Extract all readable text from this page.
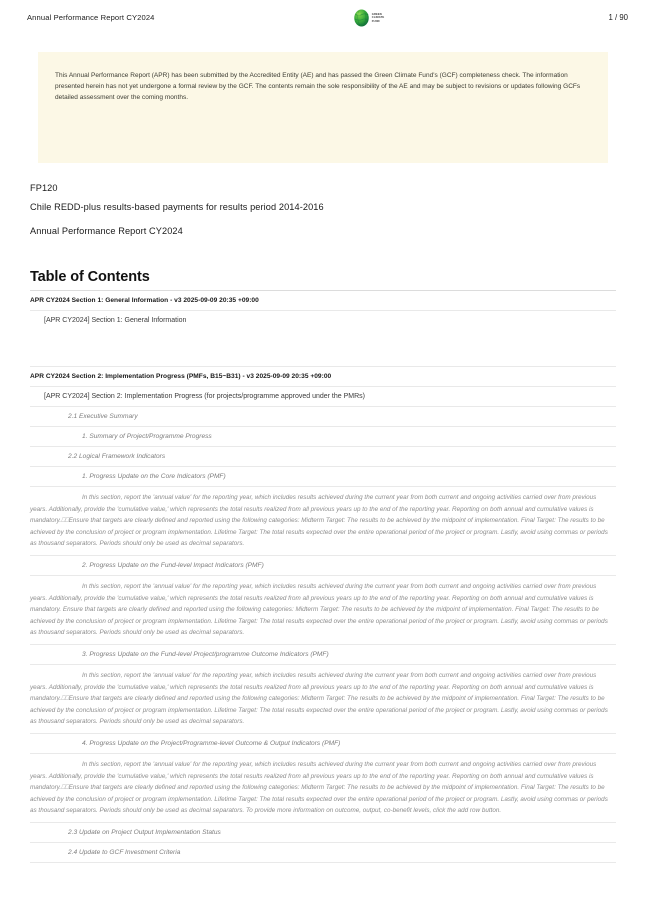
Annual Performance Report CY2024	GREEN
CLIMATE
FUND	1 / 90

This Annual Performance Report (APR) has been submitted by the Accredited Entity (AE) and has passed the Green Climate Fund's (GCF) completeness check. The information presented herein has not yet undergone a formal review by the GCF. The contents remain the sole responsibility of the AE and may be subject to revisions or updates following GCFs detailed assessment over the coming months.

FP120
Chile REDD-plus results-based payments for results period 2014-2016
Annual Performance Report CY2024
Table of Contents
APR CY2024 Section 1: General Information - v3 2025-09-09 20:35 +09:00
[APR CY2024] Section 1: General Information
APR CY2024 Section 2: Implementation Progress (PMFs, B15~B31) - v3 2025-09-09 20:35 +09:00
[APR CY2024] Section 2: Implementation Progress (for projects/programme approved under the PMRs)
2.1 Executive Summary
1. Summary of Project/Programme Progress
2.2 Logical Framework Indicators
1. Progress Update on the Core Indicators (PMF)
In this section, report the 'annual value' for the reporting year, which includes results achieved during the current year from both current and ongoing activities carried over from previous years. Additionally, provide the 'cumulative value,' which represents the total results realized from all previous years up to the end of the reporting year. Reporting on both annual and cumulative values is mandatory.⎕⎕Ensure that targets are clearly defined and reported using the following categories: Midterm Target: The results to be achieved by the midpoint of implementation. Final Target: The results to be achieved by the conclusion of project or program implementation. Lifetime Target: The total results expected over the entire operational period of the project or program. Lastly, avoid using commas or periods as thousand separators. Periods should only be used as decimal separators.
2. Progress Update on the Fund-level Impact Indicators (PMF)
In this section, report the 'annual value' for the reporting year, which includes results achieved during the current year from both current and ongoing activities carried over from previous years. Additionally, provide the 'cumulative value,' which represents the total results realized from all previous years up to the end of the reporting year. Reporting on both annual and cumulative values is mandatory. Ensure that targets are clearly defined and reported using the following categories: Midterm Target: The results to be achieved by the midpoint of implementation. Final Target: The results to be achieved by the conclusion of project or program implementation. Lifetime Target: The total results expected over the entire operational period of the project or program. Lastly, avoid using commas or periods as thousand separators. Periods should only be used as decimal separators.
3. Progress Update on the Fund-level Project/programme Outcome Indicators (PMF)
In this section, report the 'annual value' for the reporting year, which includes results achieved during the current year from both current and ongoing activities carried over from previous years. Additionally, provide the 'cumulative value,' which represents the total results realized from all previous years up to the end of the reporting year. Reporting on both annual and cumulative values is mandatory.⎕⎕Ensure that targets are clearly defined and reported using the following categories: Midterm Target: The results to be achieved by the midpoint of implementation. Final Target: The results to be achieved by the conclusion of project or program implementation. Lifetime Target: The total results expected over the entire operational period of the project or program. Lastly, avoid using commas or periods as thousand separators. Periods should only be used as decimal separators.
4. Progress Update on the Project/Programme-level Outcome & Output Indicators (PMF)
In this section, report the 'annual value' for the reporting year, which includes results achieved during the current year from both current and ongoing activities carried over from previous years. Additionally, provide the 'cumulative value,' which represents the total results realized from all previous years up to the end of the reporting year. Reporting on both annual and cumulative values is mandatory.⎕⎕Ensure that targets are clearly defined and reported using the following categories: Midterm Target: The results to be achieved by the midpoint of implementation. Final Target: The results to be achieved by the conclusion of project or program implementation. Lifetime Target: The total results expected over the entire operational period of the project or program. Lastly, avoid using commas or periods as thousand separators. Periods should only be used as decimal separators. To provide more information on outcome, output, co-benefit levels, click the add row button.
2.3 Update on Project Output Implementation Status
2.4 Update to GCF Investment Criteria
